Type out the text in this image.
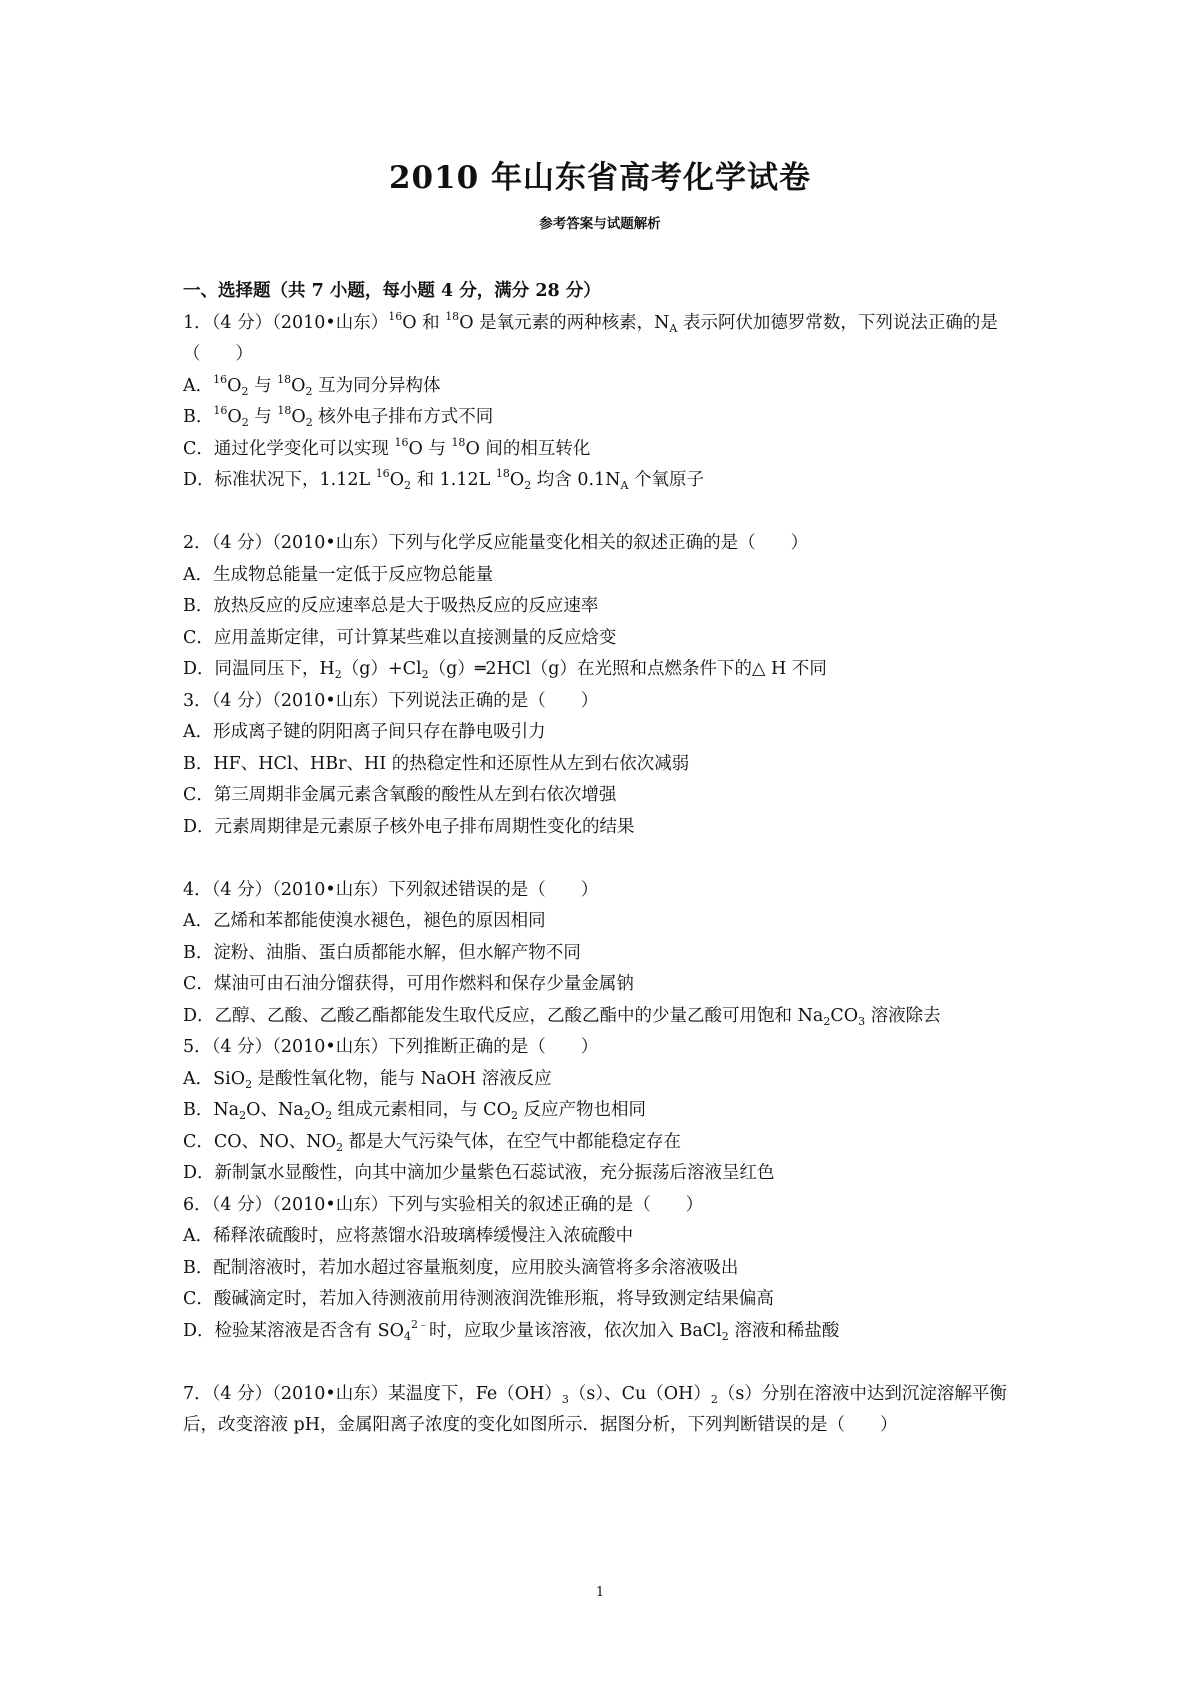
2010 年山东省高考化学试卷

参考答案与试题解析

一、选择题（共 7 小题，每小题 4 分，满分 28 分）

1．（4 分）（2010•山东）$^{16}$O 和 $^{18}$O 是氧元素的两种核素，$N_A$ 表示阿伏加德罗常数，下列说法正确的是（　　）

A．$^{16}O_2$ 与 $^{18}O_2$ 互为同分异构体

B．$^{16}O_2$ 与 $^{18}O_2$ 核外电子排布方式不同

C．通过化学变化可以实现 $^{16}$O 与 $^{18}$O 间的相互转化

D．标准状况下，1.12L $^{16}O_2$ 和 1.12L $^{18}O_2$ 均含 $0.1N_A$ 个氧原子

2．（4 分）（2010•山东）下列与化学反应能量变化相关的叙述正确的是（　　）

A．生成物总能量一定低于反应物总能量

B．放热反应的反应速率总是大于吸热反应的反应速率

C．应用盖斯定律，可计算某些难以直接测量的反应焓变

D．同温同压下，$H_2(g)+Cl_2(g)═2HCl(g)$在光照和点燃条件下的△ H 不同

3．（4 分）（2010•山东）下列说法正确的是（　　）

A．形成离子键的阴阳离子间只存在静电吸引力

B．HF、HCl、HBr、HI 的热稳定性和还原性从左到右依次减弱

C．第三周期非金属元素含氧酸的酸性从左到右依次增强

D．元素周期律是元素原子核外电子排布周期性变化的结果

4．（4 分）（2010•山东）下列叙述错误的是（　　）

A．乙烯和苯都能使溴水褪色，褪色的原因相同

B．淀粉、油脂、蛋白质都能水解，但水解产物不同

C．煤油可由石油分馏获得，可用作燃料和保存少量金属钠

D．乙醇、乙酸、乙酸乙酯都能发生取代反应，乙酸乙酯中的少量乙酸可用饱和 $Na_2CO_3$ 溶液除去

5．（4 分）（2010•山东）下列推断正确的是（　　）

A．SiO$_2$ 是酸性氧化物，能与 NaOH 溶液反应

B．$Na_2O$、$Na_2O_2$ 组成元素相同，与 $CO_2$ 反应产物也相同

C．CO、NO、$NO_2$ 都是大气污染气体，在空气中都能稳定存在

D．新制氯水显酸性，向其中滴加少量紫色石蕊试液，充分振荡后溶液呈红色

6．（4 分）（2010•山东）下列与实验相关的叙述正确的是（　　）

A．稀释浓硫酸时，应将蒸馏水沿玻璃棒缓慢注入浓硫酸中

B．配制溶液时，若加水超过容量瓶刻度，应用胶头滴管将多余溶液吸出

C．酸碱滴定时，若加入待测液前用待测液润洗锥形瓶，将导致测定结果偏高

D．检验某溶液是否含有 $SO_4^{2﹣}$时，应取少量该溶液，依次加入 BaCl$_2$ 溶液和稀盐酸

7．（4 分）（2010•山东）某温度下，$Fe(OH)_3(s)$、$Cu(OH)_2(s)$分别在溶液中达到沉淀溶解平衡后，改变溶液 pH，金属阳离子浓度的变化如图所示．据图分析，下列判断错误的是（　　）

1
